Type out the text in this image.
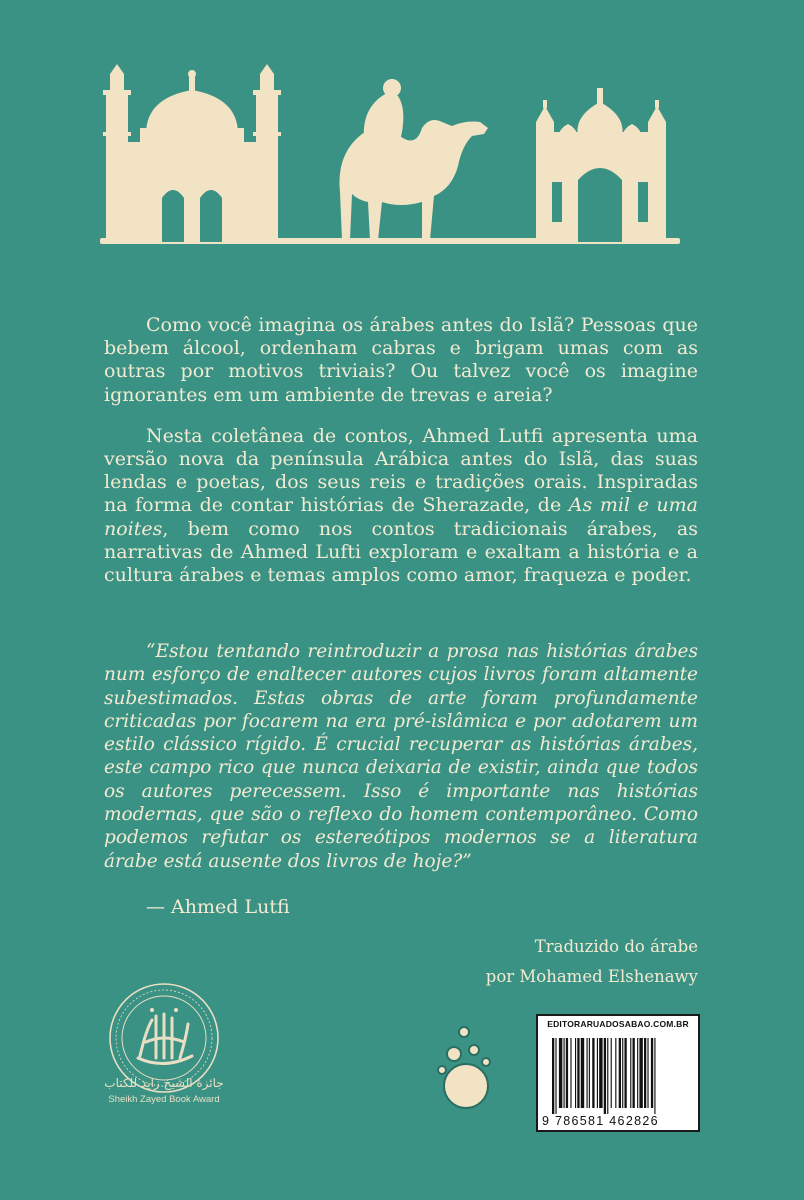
Como você imagina os árabes antes do Islã? Pessoas que bebem álcool, ordenham cabras e brigam umas com as outras por motivos triviais? Ou talvez você os imagine ignorantes em um ambiente de trevas e areia?

Nesta coletânea de contos, Ahmed Lutfi apresenta uma versão nova da península Arábica antes do Islã, das suas lendas e poetas, dos seus reis e tradições orais. Inspiradas na forma de contar histórias de Sherazade, de As mil e uma noites, bem como nos contos tradicionais árabes, as narrativas de Ahmed Lufti exploram e exaltam a história e a cultura árabes e temas amplos como amor, fraqueza e poder.

“Estou tentando reintroduzir a prosa nas histórias árabes num esforço de enaltecer autores cujos livros foram altamente subestimados. Estas obras de arte foram profundamente criticadas por focarem na era pré-islâmica e por adotarem um estilo clássico rígido. É crucial recuperar as histórias árabes, este campo rico que nunca deixaria de existir, ainda que todos os autores perecessem. Isso é importante nas histórias modernas, que são o reflexo do homem contemporâneo. Como podemos refutar os estereótipos modernos se a literatura árabe está ausente dos livros de hoje?”

— Ahmed Lutfi
Traduzido do árabe
por Mohamed Elshenawy
جائزة الشيخ زايد للكتاب
Sheikh Zayed Book Award
EDITORARUADOSABAO.COM.BR
9 786581 462826
